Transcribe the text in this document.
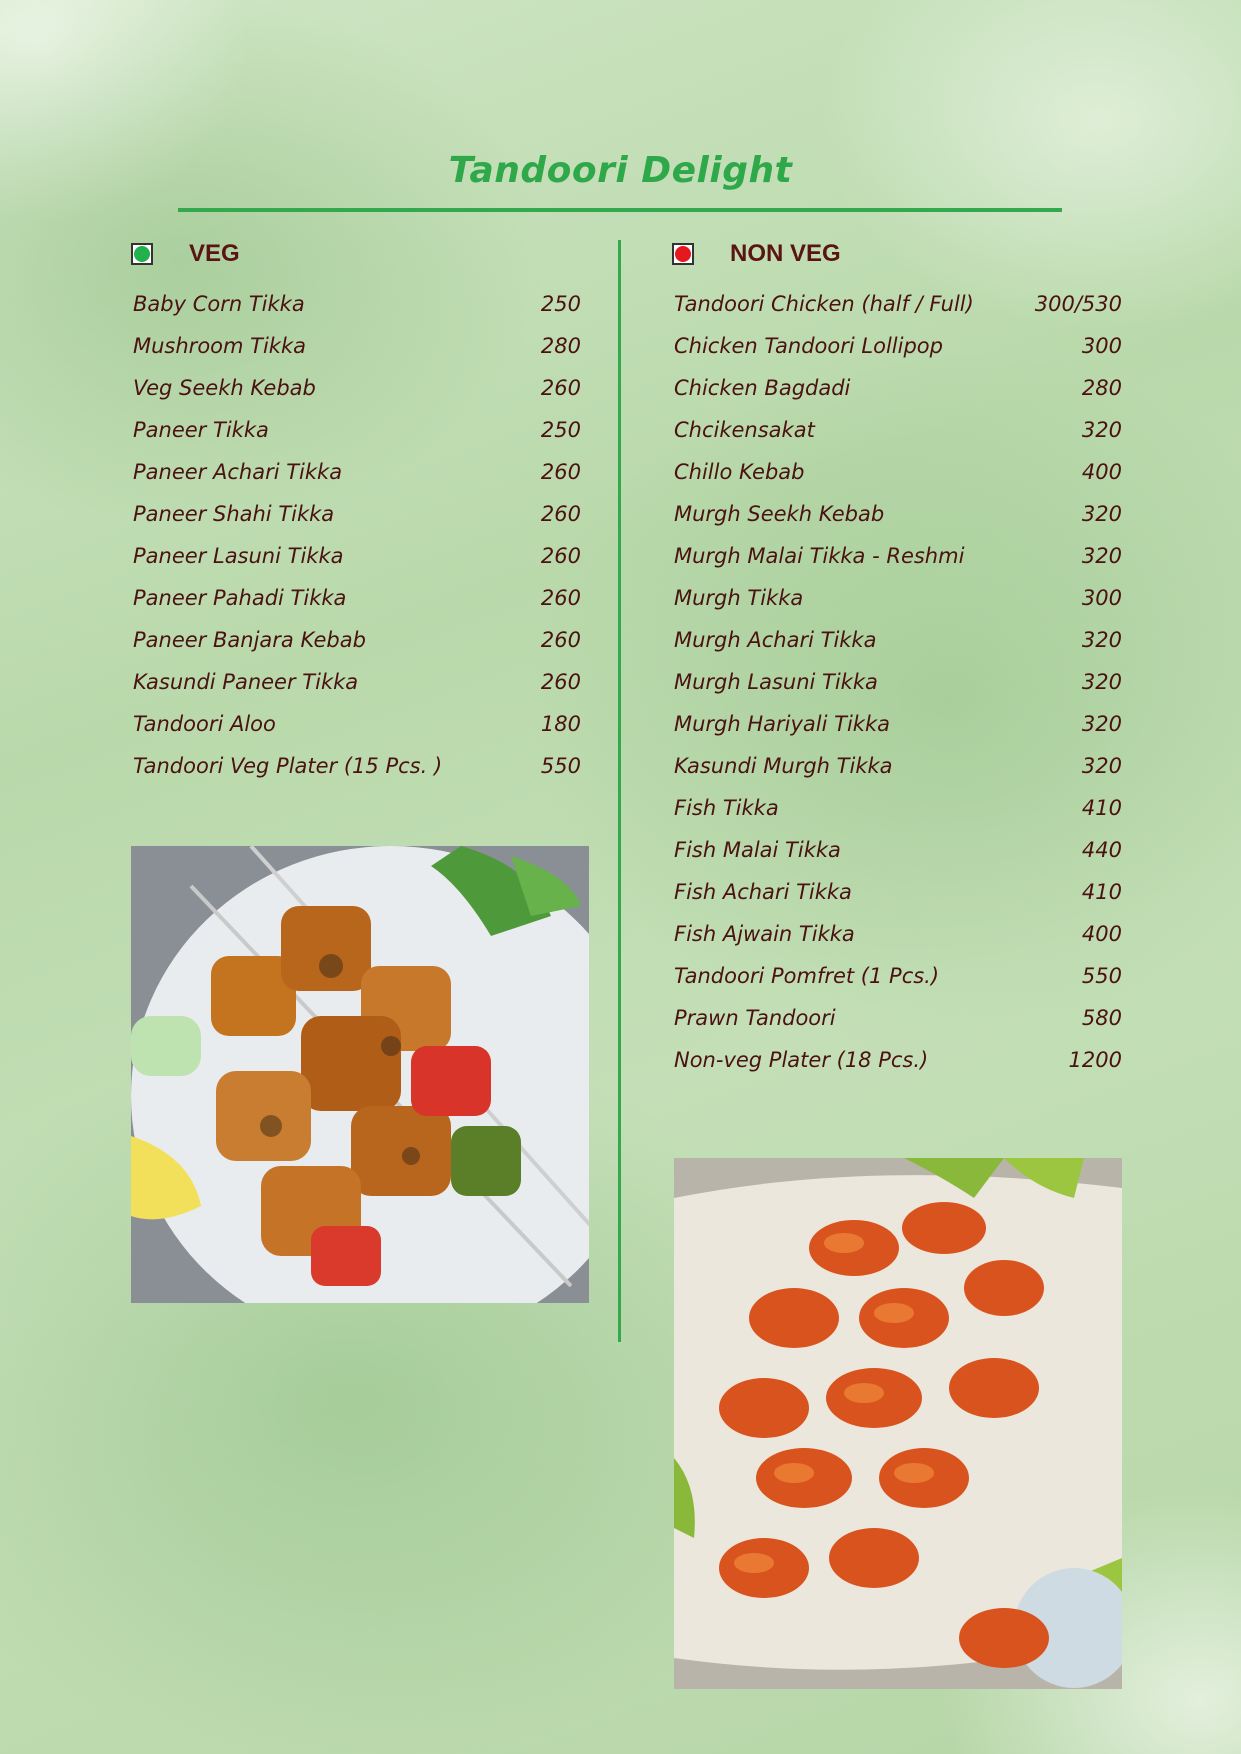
Tandoori Delight
VEG
Baby Corn Tikka	250
Mushroom Tikka	280
Veg Seekh Kebab	260
Paneer Tikka	250
Paneer Achari Tikka	260
Paneer Shahi Tikka	260
Paneer Lasuni Tikka	260
Paneer Pahadi Tikka	260
Paneer Banjara Kebab	260
Kasundi Paneer Tikka	260
Tandoori Aloo	180
Tandoori Veg Plater (15 Pcs. )	550
NON VEG
Tandoori Chicken (half / Full)	300/530
Chicken Tandoori Lollipop	300
Chicken Bagdadi	280
Chcikensakat	320
Chillo Kebab	400
Murgh Seekh Kebab	320
Murgh Malai Tikka - Reshmi	320
Murgh Tikka	300
Murgh Achari Tikka	320
Murgh Lasuni Tikka	320
Murgh Hariyali Tikka	320
Kasundi Murgh Tikka	320
Fish Tikka	410
Fish Malai Tikka	440
Fish Achari Tikka	410
Fish Ajwain Tikka	400
Tandoori Pomfret (1 Pcs.)	550
Prawn Tandoori	580
Non-veg Plater (18 Pcs.)	1200
